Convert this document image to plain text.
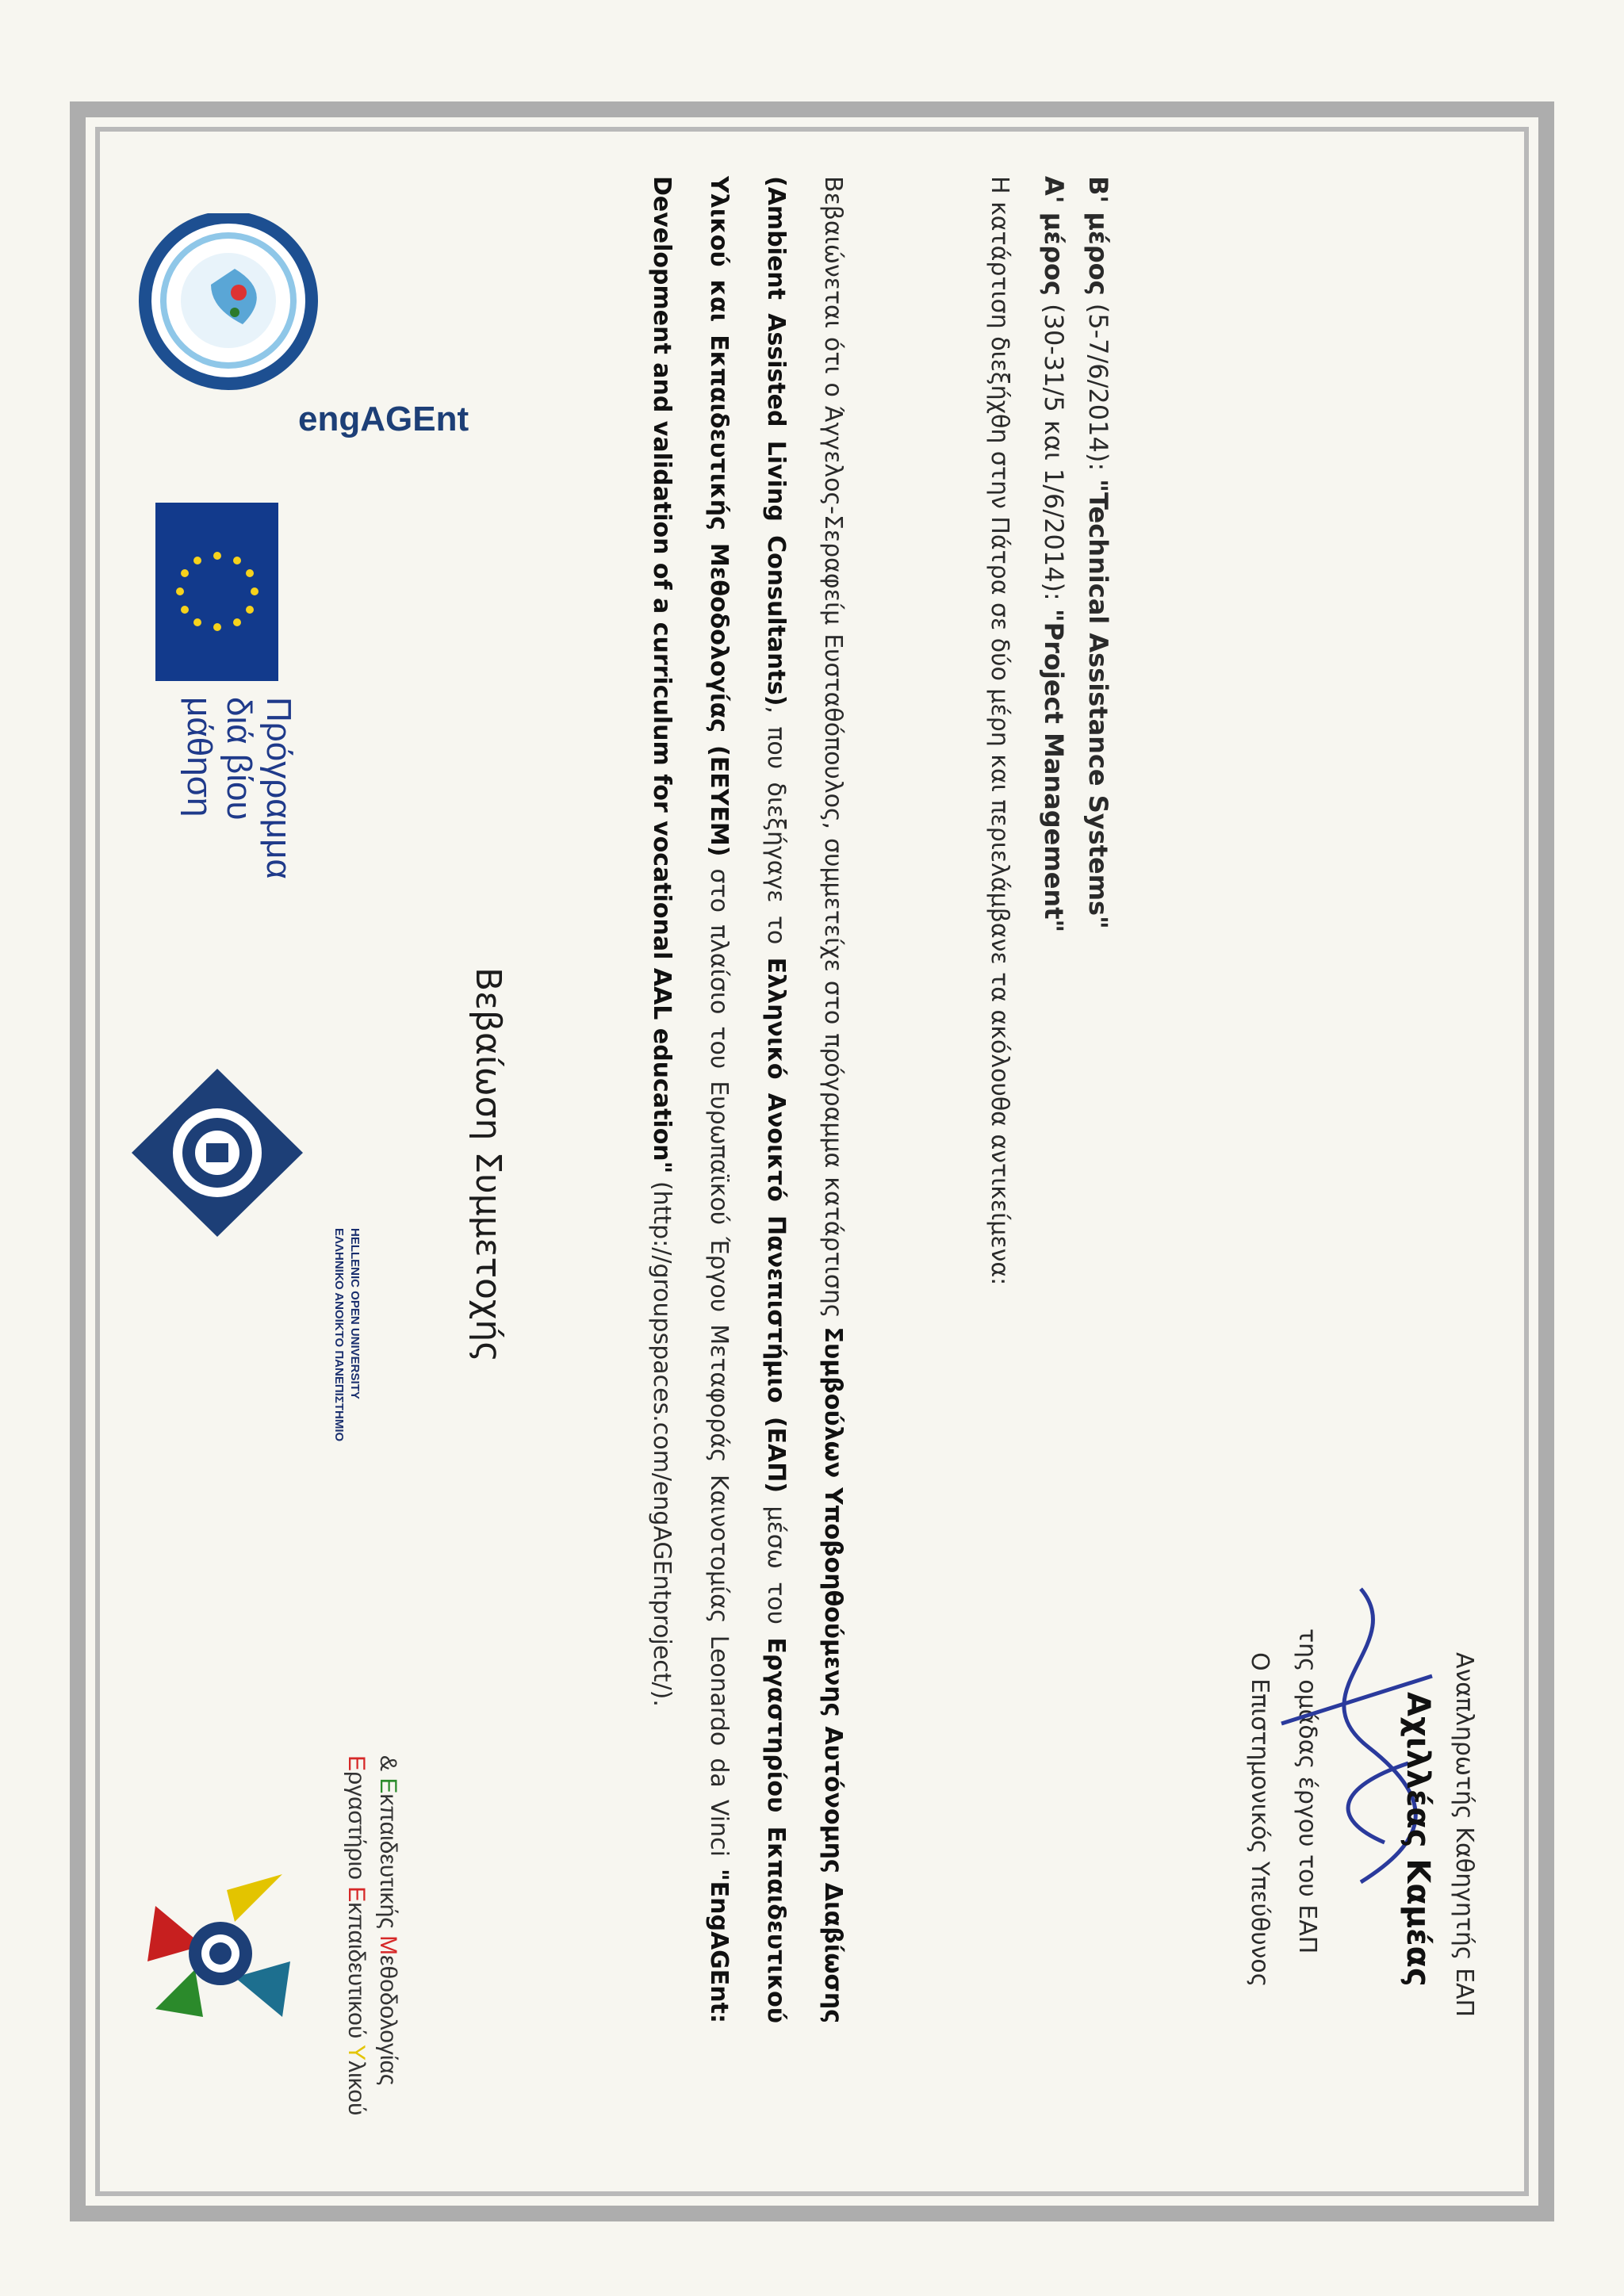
engAGEnt
Πρόγραμμα
διά βίου
μάθηση
ΕΛΛΗΝΙΚΟ ΑΝΟΙΚΤΟ ΠΑΝΕΠΙΣΤΗΜΙΟ HELLENIC OPEN UNIVERSITY
Εργαστήριο Εκπαιδευτικού Υλικού
& Εκπαιδευτικής Μεθοδολογίας
Βεβαίωση Συμμετοχής	Βεβαιώνεται ότι ο Άγγελος-Σεραφείμ Ευσταθόπουλος, συμμετείχε στο πρόγραμμα κατάρτισης Συμβούλων Υποβοηθούμενης Αυτόνομης Διαβίωσης (Ambient Assisted Living Consultants), που διεξήγαγε το Ελληνικό Ανοικτό Πανεπιστήμιο (ΕΑΠ) μέσω του Εργαστηρίου Εκπαιδευτικού Υλικού και Εκπαιδευτικής Μεθοδολογίας (ΕΕΥΕΜ) στο πλαίσιο του Ευρωπαϊκού Έργου Μεταφοράς Καινοτομίας Leonardo da Vinci "EngAGEnt: Development and validation of a curriculum for vocational AAL education" (http://groupspaces.com/engAGEntproject/).
Η κατάρτιση διεξήχθη στην Πάτρα σε δύο μέρη και περιελάμβανε τα ακόλουθα αντικείμενα: Α' μέρος (30-31/5 και 1/6/2014): "Project Management"
Β' μέρος (5-7/6/2014): "Technical Assistance Systems"
Ο Επιστημονικός Υπεύθυνος της ομάδας έργου του ΕΑΠ Αχιλλέας Καμέας Αναπληρωτής Καθηγητής ΕΑΠ
